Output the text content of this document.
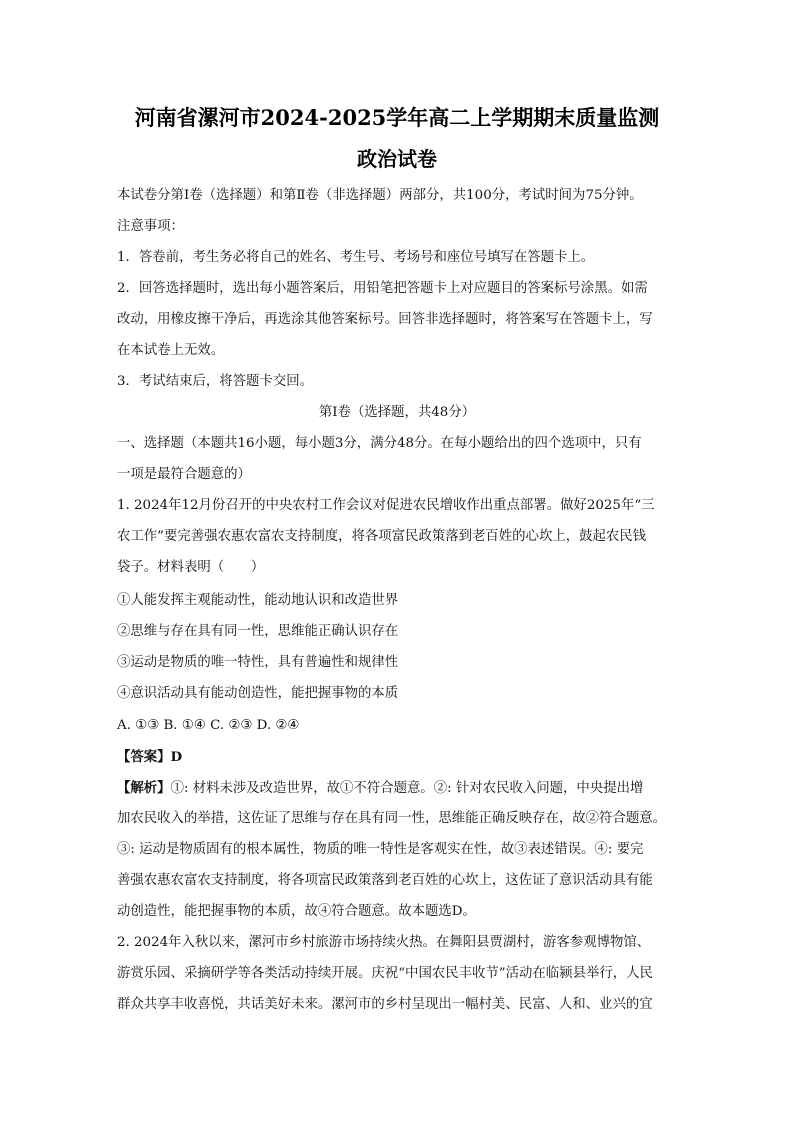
河南省漯河市2024-2025学年高二上学期期末质量监测
政治试卷
本试卷分第Ⅰ卷（选择题）和第Ⅱ卷（非选择题）两部分，共100分，考试时间为75分钟。
注意事项：
1．答卷前，考生务必将自己的姓名、考生号、考场号和座位号填写在答题卡上。
2．回答选择题时，选出每小题答案后，用铅笔把答题卡上对应题目的答案标号涂黑。如需
改动，用橡皮擦干净后，再选涂其他答案标号。回答非选择题时，将答案写在答题卡上，写
在本试卷上无效。
3．考试结束后，将答题卡交回。
第Ⅰ卷（选择题，共48分）
一、选择题（本题共16小题，每小题3分，满分48分。在每小题给出的四个选项中，只有
一项是最符合题意的）
1. 2024年12月份召开的中央农村工作会议对促进农民增收作出重点部署。做好2025年“三
农工作”要完善强农惠农富农支持制度，将各项富民政策落到老百姓的心坎上，鼓起农民钱
袋子。材料表明（　　）
①人能发挥主观能动性，能动地认识和改造世界
②思维与存在具有同一性，思维能正确认识存在
③运动是物质的唯一特性，具有普遍性和规律性
④意识活动具有能动创造性，能把握事物的本质
A. ①③ B. ①④ C. ②③ D. ②④
【答案】D
【解析】①: 材料未涉及改造世界，故①不符合题意。②: 针对农民收入问题，中央提出增
加农民收入的举措，这佐证了思维与存在具有同一性，思维能正确反映存在，故②符合题意。
③: 运动是物质固有的根本属性，物质的唯一特性是客观实在性，故③表述错误。④: 要完
善强农惠农富农支持制度，将各项富民政策落到老百姓的心坎上，这佐证了意识活动具有能
动创造性，能把握事物的本质，故④符合题意。故本题选D。
2. 2024年入秋以来，漯河市乡村旅游市场持续火热。在舞阳县贾湖村，游客参观博物馆、
游赏乐园、采摘研学等各类活动持续开展。庆祝“中国农民丰收节”活动在临颍县举行，人民
群众共享丰收喜悦，共话美好未来。漯河市的乡村呈现出一幅村美、民富、人和、业兴的宜
